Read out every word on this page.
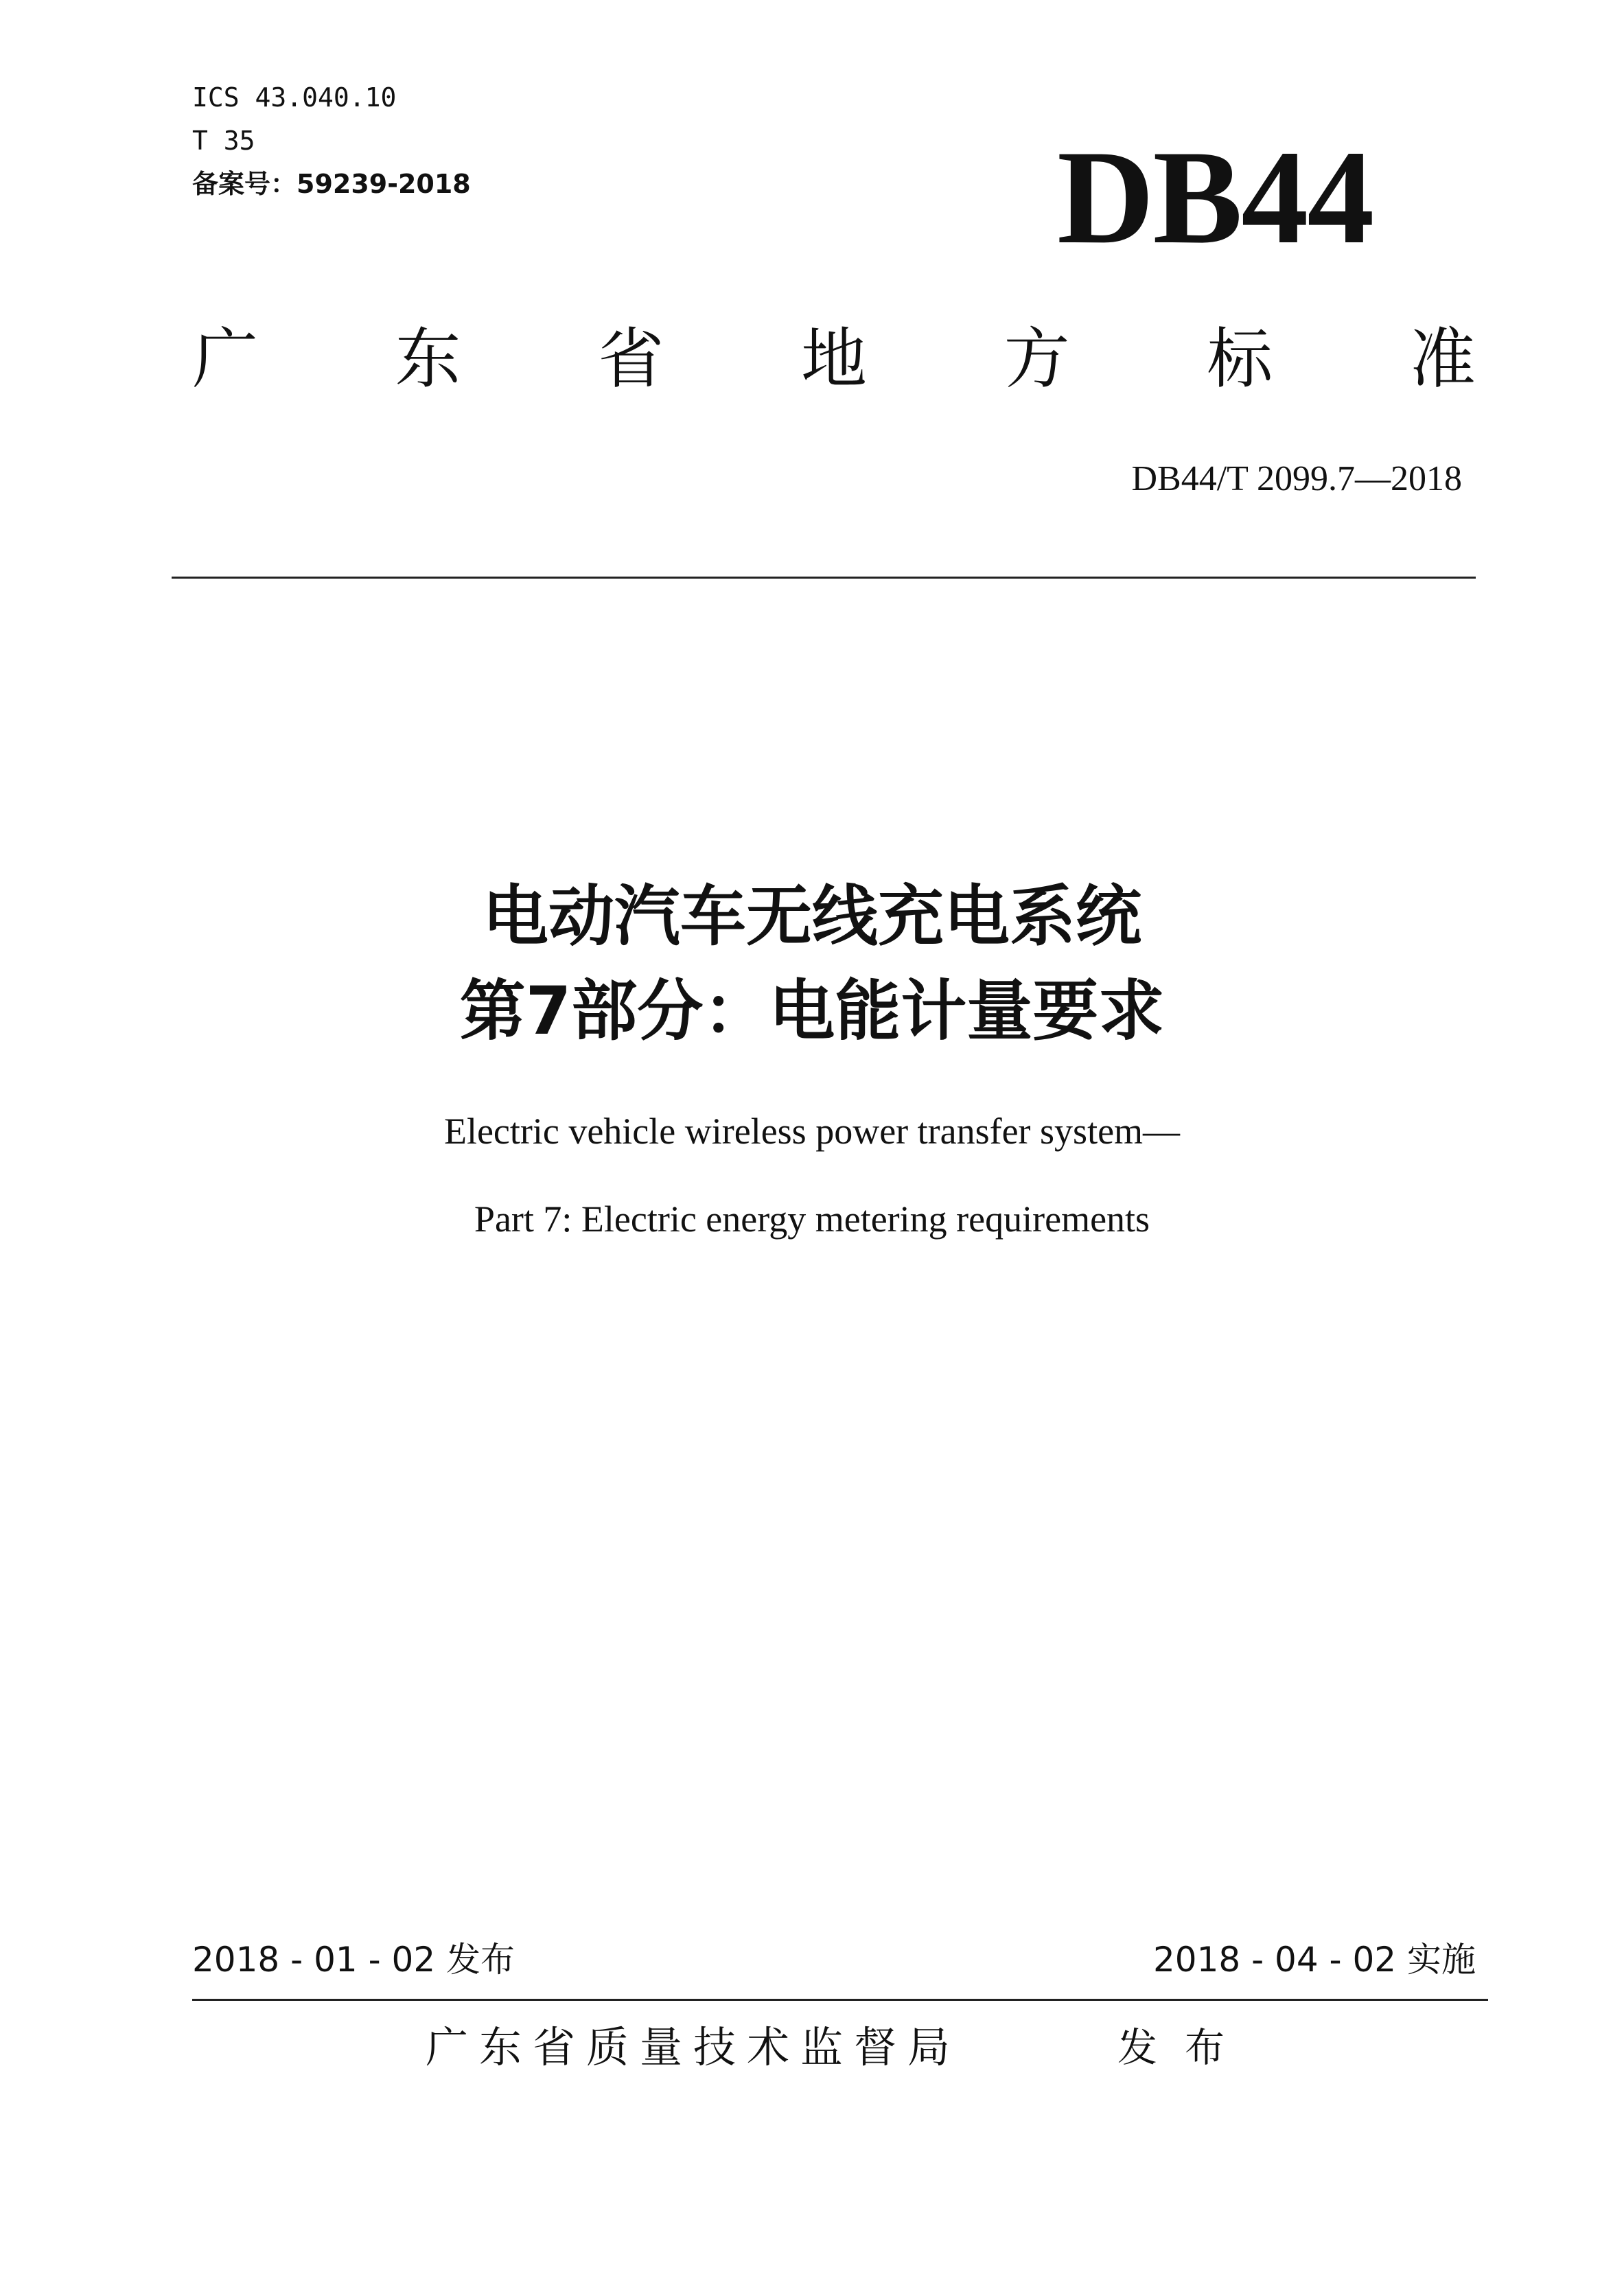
ICS 43.040.10
T 35
备案号：59239-2018	DB44
广 东 省 地 方 标 准
DB44/T 2099.7—2018
电动汽车无线充电系统
第7部分：电能计量要求
Electric vehicle wireless power transfer system—
Part 7: Electric energy metering requirements
2018 - 01 - 02 发布	2018 - 04 - 02 实施
广东省质量技术监督局	发布
